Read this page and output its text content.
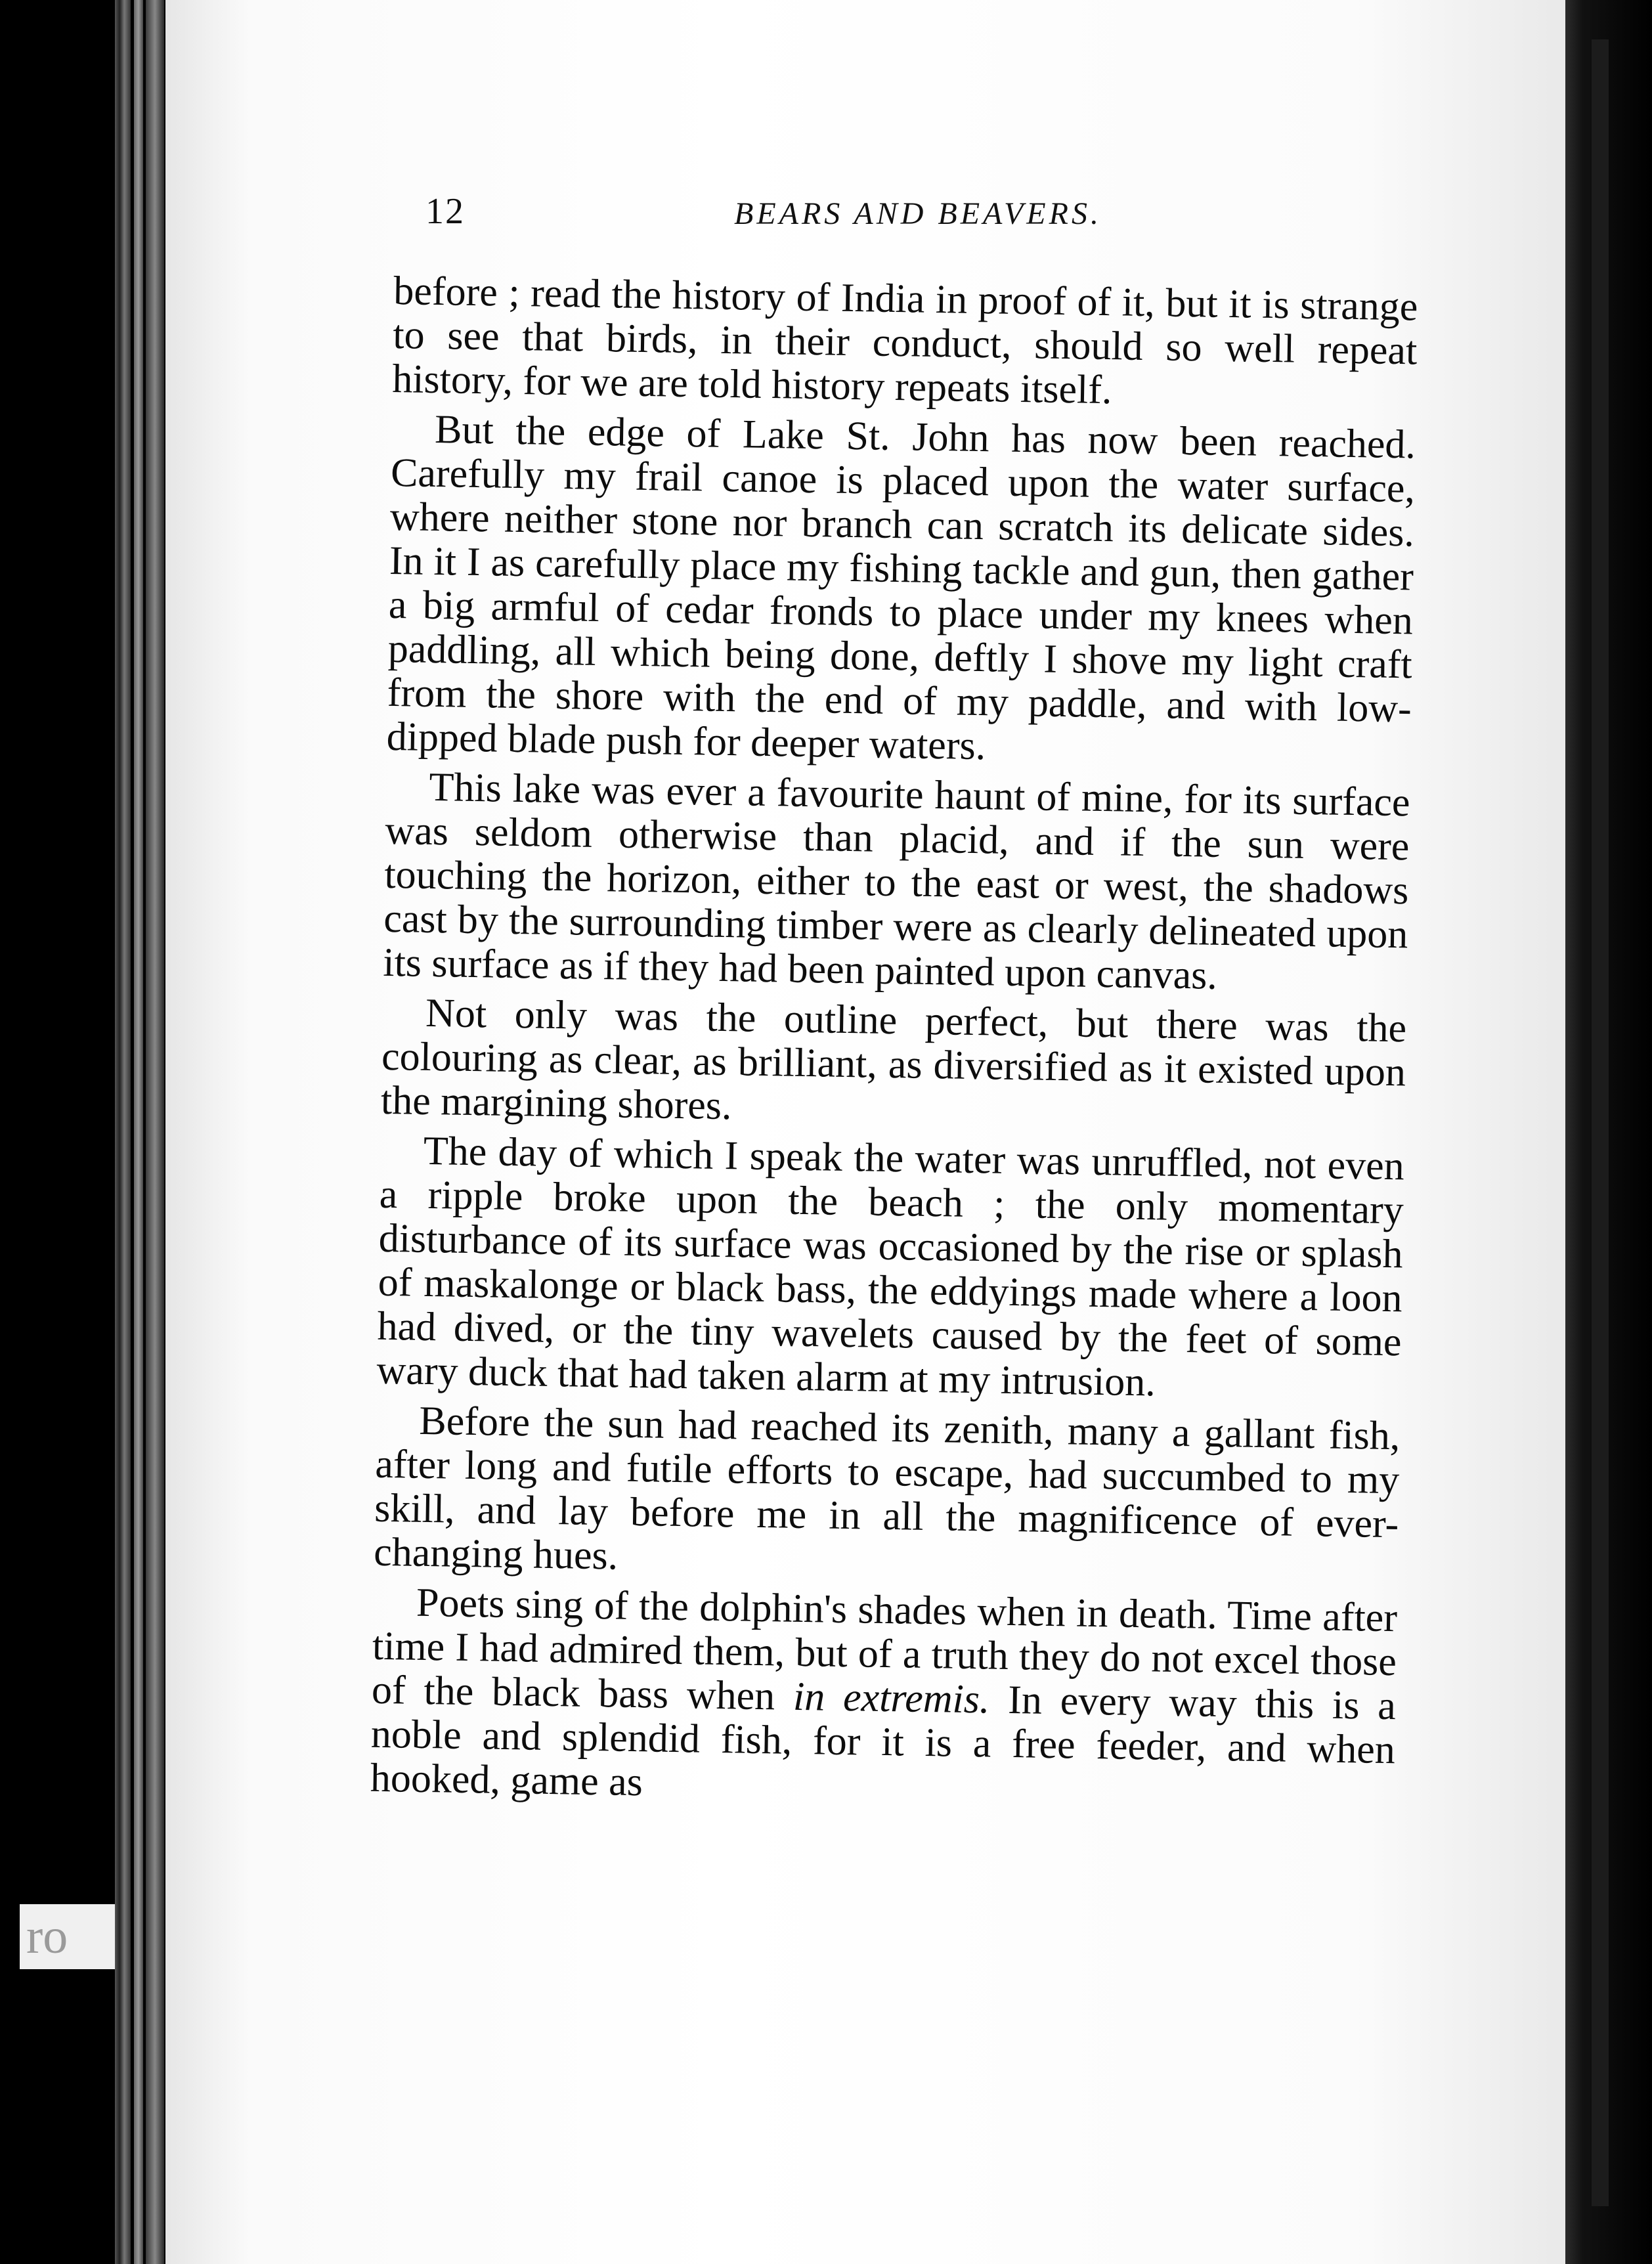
ro
12	BEARS AND BEAVERS.

before ; read the history of India in proof of it, but it is strange to see that birds, in their conduct, should so well repeat history, for we are told history repeats itself.

But the edge of Lake St. John has now been reached. Carefully my frail canoe is placed upon the water surface, where neither stone nor branch can scratch its delicate sides. In it I as carefully place my fishing tackle and gun, then gather a big armful of cedar fronds to place under my knees when paddling, all which being done, deftly I shove my light craft from the shore with the end of my paddle, and with low-dipped blade push for deeper waters.

This lake was ever a favourite haunt of mine, for its surface was seldom otherwise than placid, and if the sun were touching the horizon, either to the east or west, the shadows cast by the surrounding timber were as clearly delineated upon its surface as if they had been painted upon canvas.

Not only was the outline perfect, but there was the colouring as clear, as brilliant, as diversified as it existed upon the margining shores.

The day of which I speak the water was unruffled, not even a ripple broke upon the beach ; the only momentary disturbance of its surface was occasioned by the rise or splash of maskalonge or black bass, the eddyings made where a loon had dived, or the tiny wavelets caused by the feet of some wary duck that had taken alarm at my intrusion.

Before the sun had reached its zenith, many a gallant fish, after long and futile efforts to escape, had succumbed to my skill, and lay before me in all the magnificence of ever-changing hues.

Poets sing of the dolphin's shades when in death. Time after time I had admired them, but of a truth they do not excel those of the black bass when in extremis. In every way this is a noble and splendid fish, for it is a free feeder, and when hooked, game as
